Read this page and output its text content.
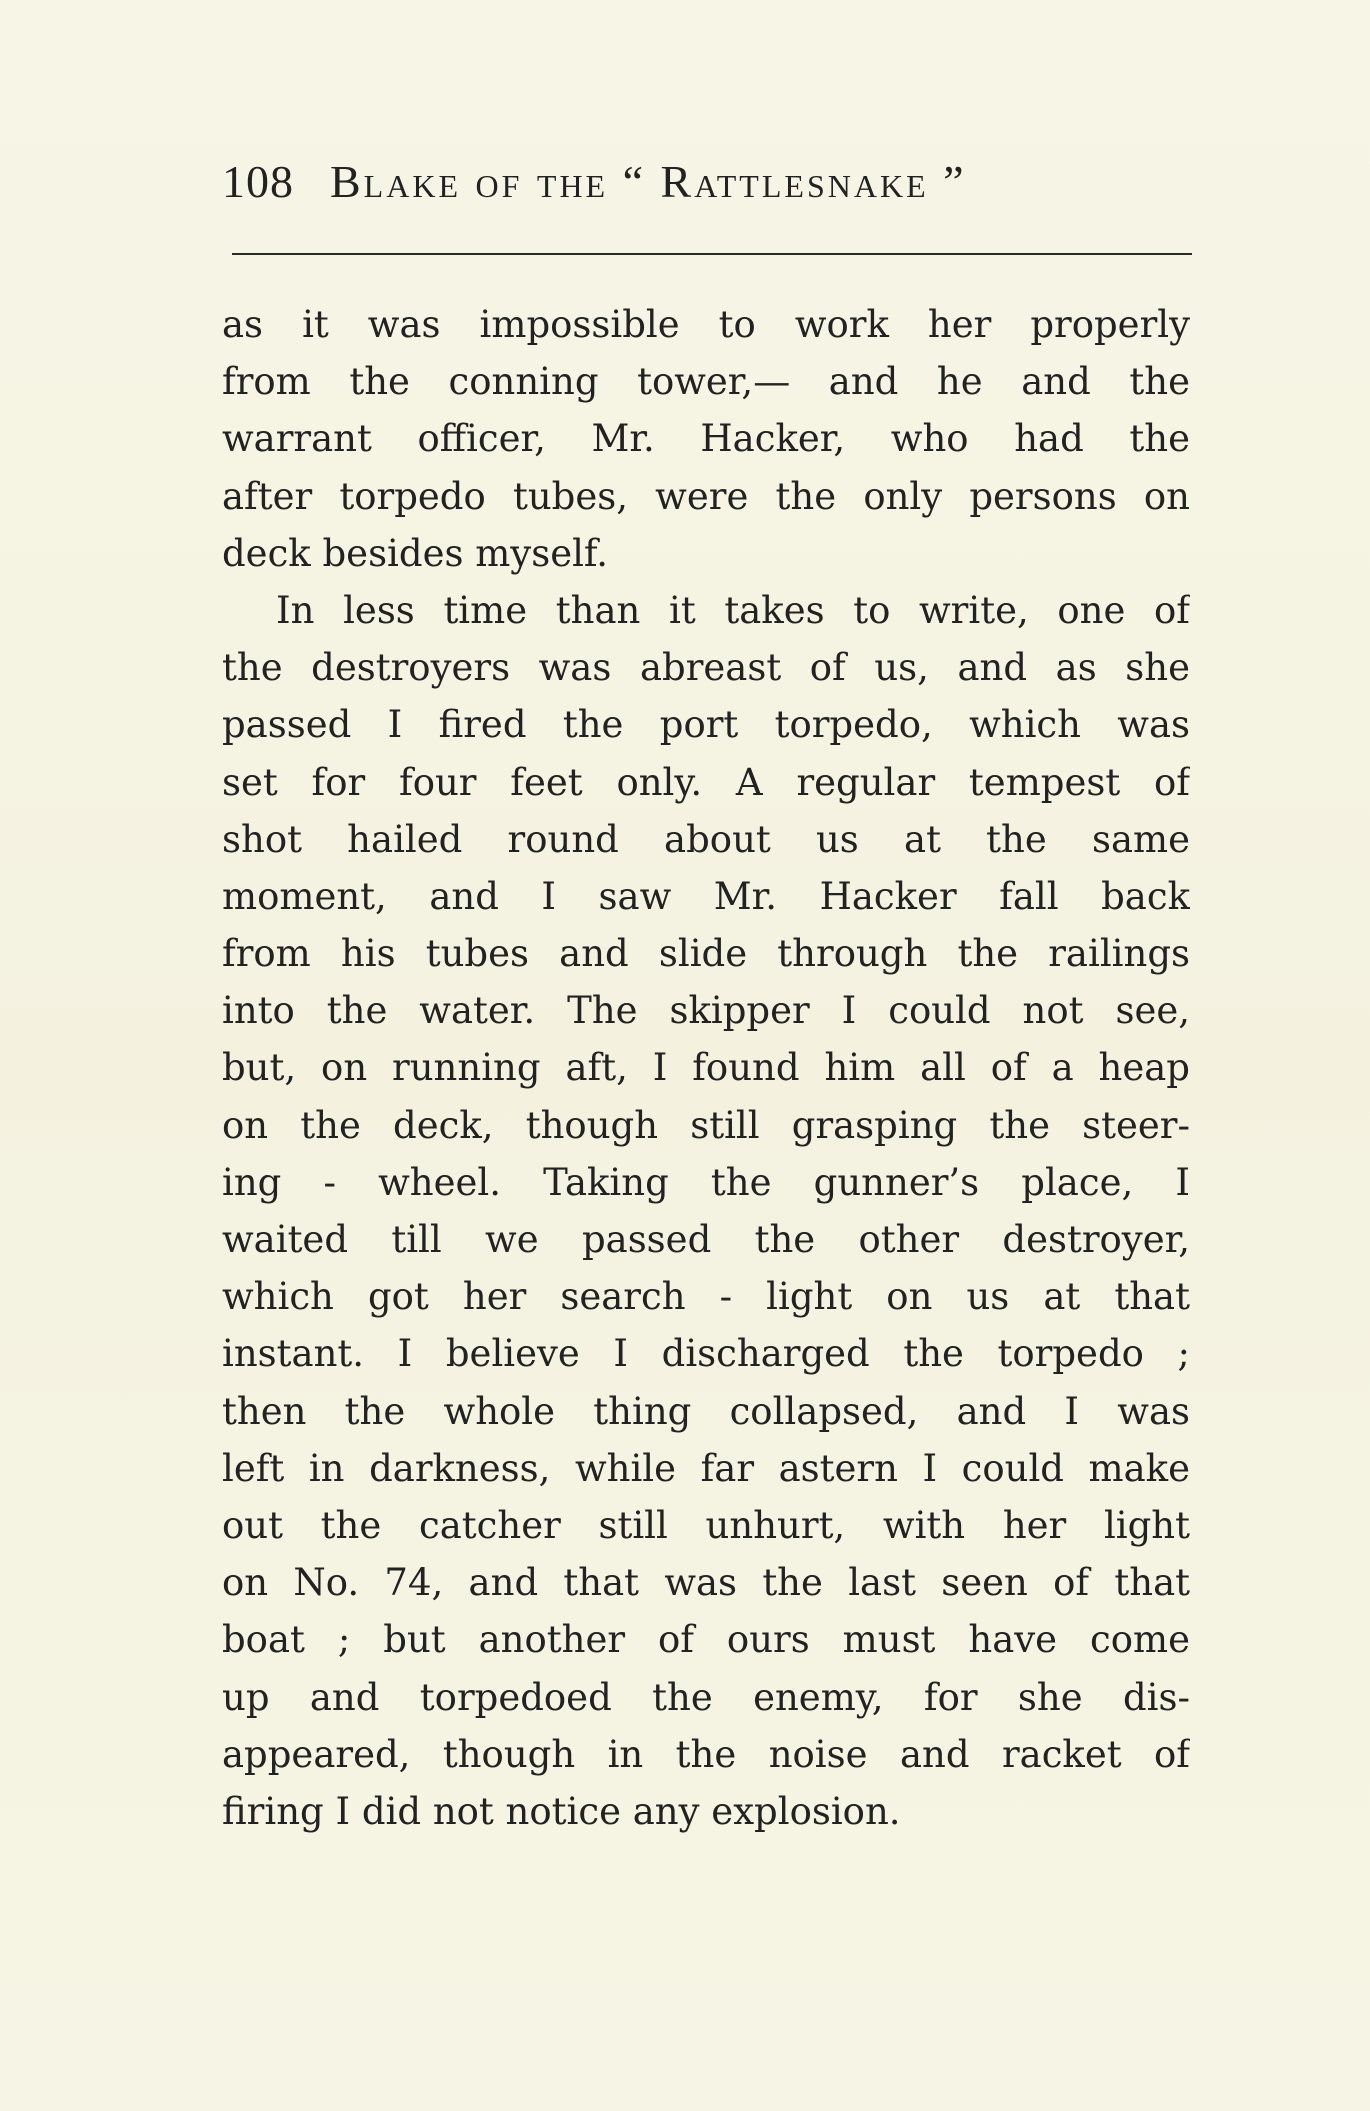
108 Blake of the “ Rattlesnake ”
as it was impossible to work her properly
from the conning tower,— and he and the
warrant officer, Mr. Hacker, who had the
after torpedo tubes, were the only persons on
deck besides myself.
In less time than it takes to write, one of
the destroyers was abreast of us, and as she
passed I fired the port torpedo, which was
set for four feet only. A regular tempest of
shot hailed round about us at the same
moment, and I saw Mr. Hacker fall back
from his tubes and slide through the railings
into the water. The skipper I could not see,
but, on running aft, I found him all of a heap
on the deck, though still grasping the steer-
ing - wheel. Taking the gunner’s place, I
waited till we passed the other destroyer,
which got her search - light on us at that
instant. I believe I discharged the torpedo ;
then the whole thing collapsed, and I was
left in darkness, while far astern I could make
out the catcher still unhurt, with her light
on No. 74, and that was the last seen of that
boat ; but another of ours must have come
up and torpedoed the enemy, for she dis-
appeared, though in the noise and racket of
firing I did not notice any explosion.
